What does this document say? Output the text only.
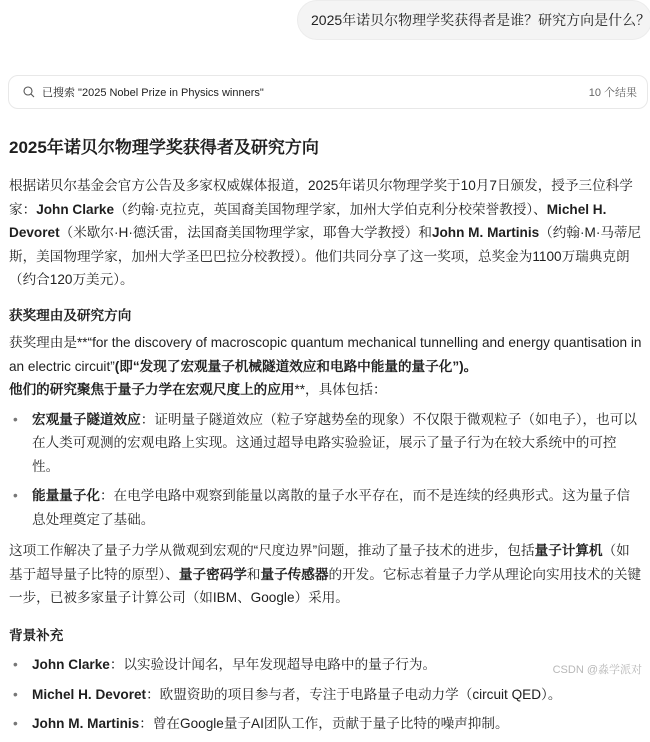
2025年诺贝尔物理学奖获得者是谁？研究方向是什么？
已搜索 "2025 Nobel Prize in Physics winners"	10 个结果
2025年诺贝尔物理学奖获得者及研究方向

根据诺贝尔基金会官方公告及多家权威媒体报道，2025年诺贝尔物理学奖于10月7日颁发，授予三位科学家：John Clarke（约翰·克拉克，英国裔美国物理学家，加州大学伯克利分校荣誉教授）、Michel H. Devoret（米歇尔·H·德沃雷，法国裔美国物理学家，耶鲁大学教授）和John M. Martinis（约翰·M·马蒂尼斯，美国物理学家，加州大学圣巴巴拉分校教授）。他们共同分享了这一奖项，总奖金为1100万瑞典克朗（约合120万美元）。

获奖理由及研究方向

获奖理由是**“for the discovery of macroscopic quantum mechanical tunnelling and energy quantisation in an electric circuit”(即“发现了宏观量子机械隧道效应和电路中能量的量子化”)。
他们的研究聚焦于量子力学在宏观尺度上的应用**，具体包括：

• 宏观量子隧道效应：证明量子隧道效应（粒子穿越势垒的现象）不仅限于微观粒子（如电子），也可以在人类可观测的宏观电路上实现。这通过超导电路实验验证，展示了量子行为在较大系统中的可控性。
• 能量量子化：在电学电路中观察到能量以离散的量子水平存在，而不是连续的经典形式。这为量子信息处理奠定了基础。

这项工作解决了量子力学从微观到宏观的“尺度边界”问题，推动了量子技术的进步，包括量子计算机（如基于超导量子比特的原型）、量子密码学和量子传感器的开发。它标志着量子力学从理论向实用技术的关键一步，已被多家量子计算公司（如IBM、Google）采用。

背景补充
• John Clarke：以实验设计闻名，早年发现超导电路中的量子行为。
• Michel H. Devoret：欧盟资助的项目参与者，专注于电路量子电动力学（circuit QED）。
• John M. Martinis：曾在Google量子AI团队工作，贡献于量子比特的噪声抑制。
CSDN @淼学派对
